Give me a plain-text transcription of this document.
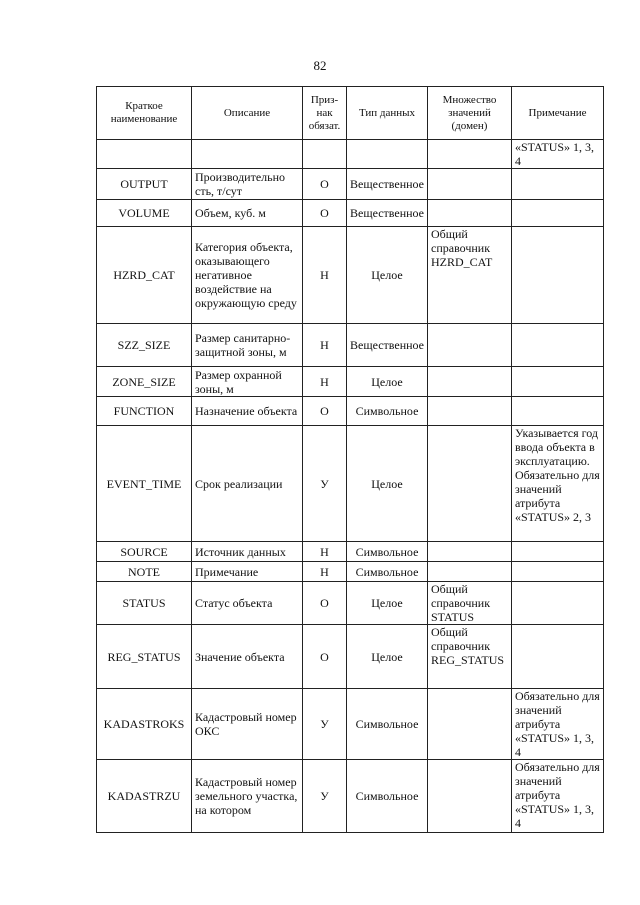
82
Краткое наименование	Описание	Приз-нак обязат.	Тип данных	Множество значений (домен)	Примечание
					«STATUS» 1, 3, 4
OUTPUT	Производительно сть, т/сут	О	Вещественное		
VOLUME	Объем, куб. м	О	Вещественное		
HZRD_CAT	Категория объекта, оказывающего негативное воздействие на окружающую среду	Н	Целое	Общий справочник HZRD_CAT	
SZZ_SIZE	Размер санитарно-защитной зоны, м	Н	Вещественное		
ZONE_SIZE	Размер охранной зоны, м	Н	Целое		
FUNCTION	Назначение объекта	О	Символьное		
EVENT_TIME	Срок реализации	У	Целое		Указывается год ввода объекта в эксплуатацию. Обязательно для значений атрибута «STATUS» 2, 3
SOURCE	Источник данных	Н	Символьное		
NOTE	Примечание	Н	Символьное		
STATUS	Статус объекта	О	Целое	Общий справочник STATUS	
REG_STATUS	Значение объекта	О	Целое	Общий справочник REG_STATUS	
KADASTROKS	Кадастровый номер ОКС	У	Символьное		Обязательно для значений атрибута «STATUS» 1, 3, 4
KADASTRZU	Кадастровый номер земельного участка, на котором	У	Символьное		Обязательно для значений атрибута «STATUS» 1, 3, 4
